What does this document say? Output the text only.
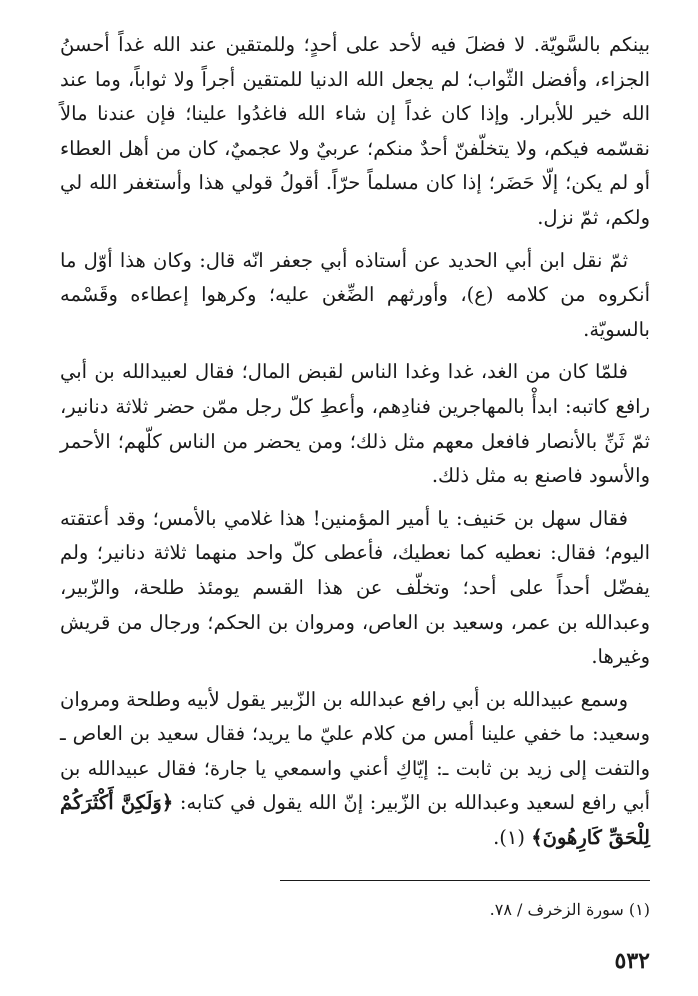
بينكم بالسَّويّة. لا فضلَ فيه لأحد على أحدٍ؛ وللمتقين عند الله غداً أحسنُ الجزاء، وأفضل الثّواب؛ لم يجعل الله الدنيا للمتقين أجراً ولا ثواباً، وما عند الله خير للأبرار. وإذا كان غداً إن شاء الله فاغدُوا علينا؛ فإن عندنا مالاً نقسّمه فيكم، ولا يتخلّفنّ أحدٌ منكم؛ عربيٌ ولا عجميٌ، كان من أهل العطاء أو لم يكن؛ إلّا حَضَر؛ إذا كان مسلماً حرّاً. أقولُ قولي هذا وأستغفر الله لي ولكم، ثمّ نزل.

ثمّ نقل ابن أبي الحديد عن أستاذه أبي جعفر انّه قال: وكان هذا أوّل ما أنكروه من كلامه (ع)، وأورثهم الضِّغن عليه؛ وكرهوا إعطاءه وقَسْمه بالسويّة.

فلمّا كان من الغد، غدا وغدا الناس لقبض المال؛ فقال لعبيدالله بن أبي رافع كاتبه: ابدأْ بالمهاجرين فنادِهم، وأعطِ كلّ رجل ممّن حضر ثلاثة دنانير، ثمّ ثَنِّ بالأنصار فافعل معهم مثل ذلك؛ ومن يحضر من الناس كلّهم؛ الأحمر والأسود فاصنع به مثل ذلك.

فقال سهل بن حَنيف: يا أمير المؤمنين! هذا غلامي بالأمس؛ وقد أعتقته اليوم؛ فقال: نعطيه كما نعطيك، فأعطى كلّ واحد منهما ثلاثة دنانير؛ ولم يفضّل أحداً على أحد؛ وتخلّف عن هذا القسم يومئذ طلحة، والزّبير، وعبدالله بن عمر، وسعيد بن العاص، ومروان بن الحكم؛ ورجال من قريش وغيرها.

وسمع عبيدالله بن أبي رافع عبدالله بن الزّبير يقول لأبيه وطلحة ومروان وسعيد: ما خفي علينا أمس من كلام عليّ ما يريد؛ فقال سعيد بن العاص ـ والتفت إلى زيد بن ثابت ـ: إيّاكِ أعني واسمعي يا جارة؛ فقال عبيدالله بن أبي رافع لسعيد وعبدالله بن الزّبير: إنّ الله يقول في كتابه: ﴿وَلَكِنَّ أَكْثَرَكُمْ لِلْحَقِّ كَارِهُونَ﴾ (١).

(١) سورة الزخرف / ٧٨.
٥٣٢
